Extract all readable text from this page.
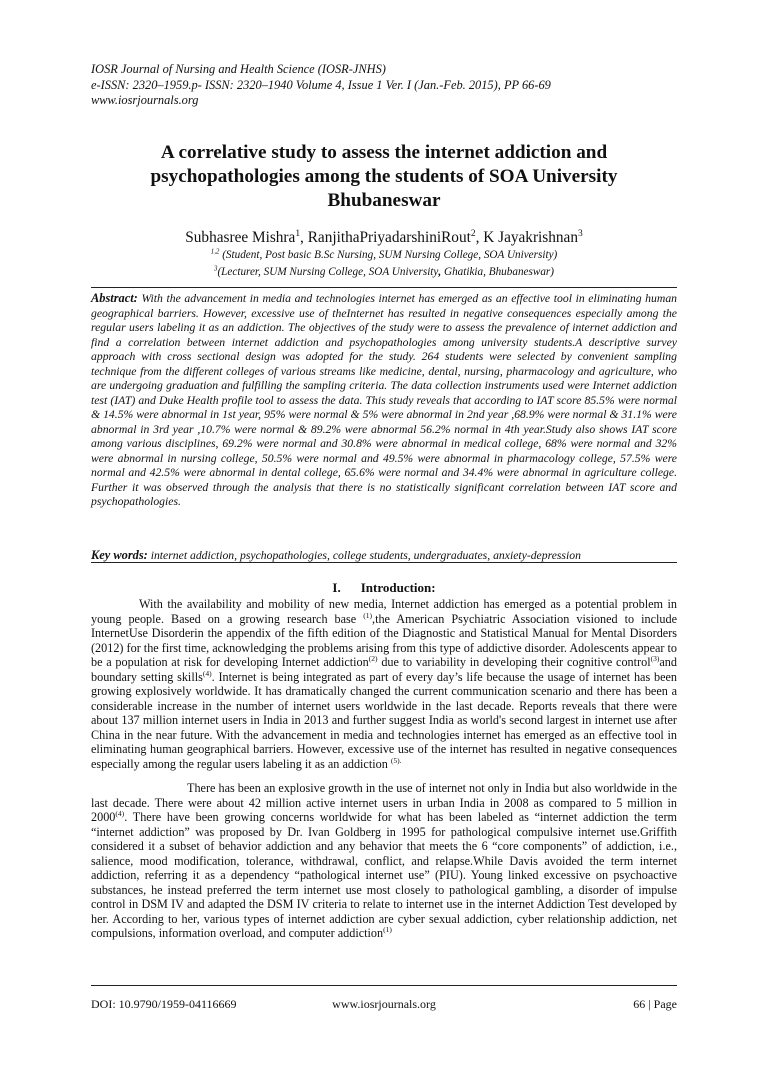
IOSR Journal of Nursing and Health Science (IOSR-JNHS)
e-ISSN: 2320–1959.p- ISSN: 2320–1940 Volume 4, Issue 1 Ver. I (Jan.-Feb. 2015), PP 66-69
www.iosrjournals.org
A correlative study to assess the internet addiction and
psychopathologies among the students of SOA University
Bhubaneswar
Subhasree Mishra$^1$, RanjithaPriyadarshiniRout$^2$, K Jayakrishnan$^3$
$^{1,2}$ (Student, Post basic B.Sc Nursing, SUM Nursing College, SOA University)
$^3$(Lecturer, SUM Nursing College, SOA University, Ghatikia, Bhubaneswar)
Abstract: With the advancement in media and technologies internet has emerged as an effective tool in eliminating human geographical barriers. However, excessive use of theInternet has resulted in negative consequences especially among the regular users labeling it as an addiction. The objectives of the study were to assess the prevalence of internet addiction and find a correlation between internet addiction and psychopathologies among university students.A descriptive survey approach with cross sectional design was adopted for the study. 264 students were selected by convenient sampling technique from the different colleges of various streams like medicine, dental, nursing, pharmacology and agriculture, who are undergoing graduation and fulfilling the sampling criteria. The data collection instruments used were Internet addiction test (IAT) and Duke Health profile tool to assess the data. This study reveals that according to IAT score 85.5% were normal & 14.5% were abnormal in 1st year, 95% were normal & 5% were abnormal in 2nd year ,68.9% were normal & 31.1% were abnormal in 3rd year ,10.7% were normal & 89.2% were abnormal 56.2% normal in 4th year.Study also shows IAT score among various disciplines, 69.2% were normal and 30.8% were abnormal in medical college, 68% were normal and 32% were abnormal in nursing college, 50.5% were normal and 49.5% were abnormal in pharmacology college, 57.5% were normal and 42.5% were abnormal in dental college, 65.6% were normal and 34.4% were abnormal in agriculture college. Further it was observed through the analysis that there is no statistically significant correlation between IAT score and psychopathologies.
Key words: internet addiction, psychopathologies, college students, undergraduates, anxiety-depression
I. Introduction:
With the availability and mobility of new media, Internet addiction has emerged as a potential problem in young people. Based on a growing research base $^{(1)}$,the American Psychiatric Association visioned to include InternetUse Disorderin the appendix of the fifth edition of the Diagnostic and Statistical Manual for Mental Disorders (2012) for the first time, acknowledging the problems arising from this type of addictive disorder. Adolescents appear to be a population at risk for developing Internet addiction$^{(2)}$ due to variability in developing their cognitive control$^{(3)}$and boundary setting skills$^{(4)}$. Internet is being integrated as part of every day’s life because the usage of internet has been growing explosively worldwide. It has dramatically changed the current communication scenario and there has been a considerable increase in the number of internet users worldwide in the last decade. Reports reveals that there were about 137 million internet users in India in 2013 and further suggest India as world's second largest in internet use after China in the near future. With the advancement in media and technologies internet has emerged as an effective tool in eliminating human geographical barriers. However, excessive use of the internet has resulted in negative consequences especially among the regular users labeling it as an addiction $^{(5).}$
There has been an explosive growth in the use of internet not only in India but also worldwide in the last decade. There were about 42 million active internet users in urban India in 2008 as compared to 5 million in 2000$^{(4)}$. There have been growing concerns worldwide for what has been labeled as “internet addiction the term “internet addiction” was proposed by Dr. Ivan Goldberg in 1995 for pathological compulsive internet use.Griffith considered it a subset of behavior addiction and any behavior that meets the 6 “core components” of addiction, i.e., salience, mood modification, tolerance, withdrawal, conflict, and relapse.While Davis avoided the term internet addiction, referring it as a dependency “pathological internet use” (PIU). Young linked excessive on psychoactive substances, he instead preferred the term internet use most closely to pathological gambling, a disorder of impulse control in DSM IV and adapted the DSM IV criteria to relate to internet use in the internet Addiction Test developed by her. According to her, various types of internet addiction are cyber sexual addiction, cyber relationship addiction, net compulsions, information overload, and computer addiction$^{(1)}$
DOI: 10.9790/1959-04116669	www.iosrjournals.org	66 | Page
